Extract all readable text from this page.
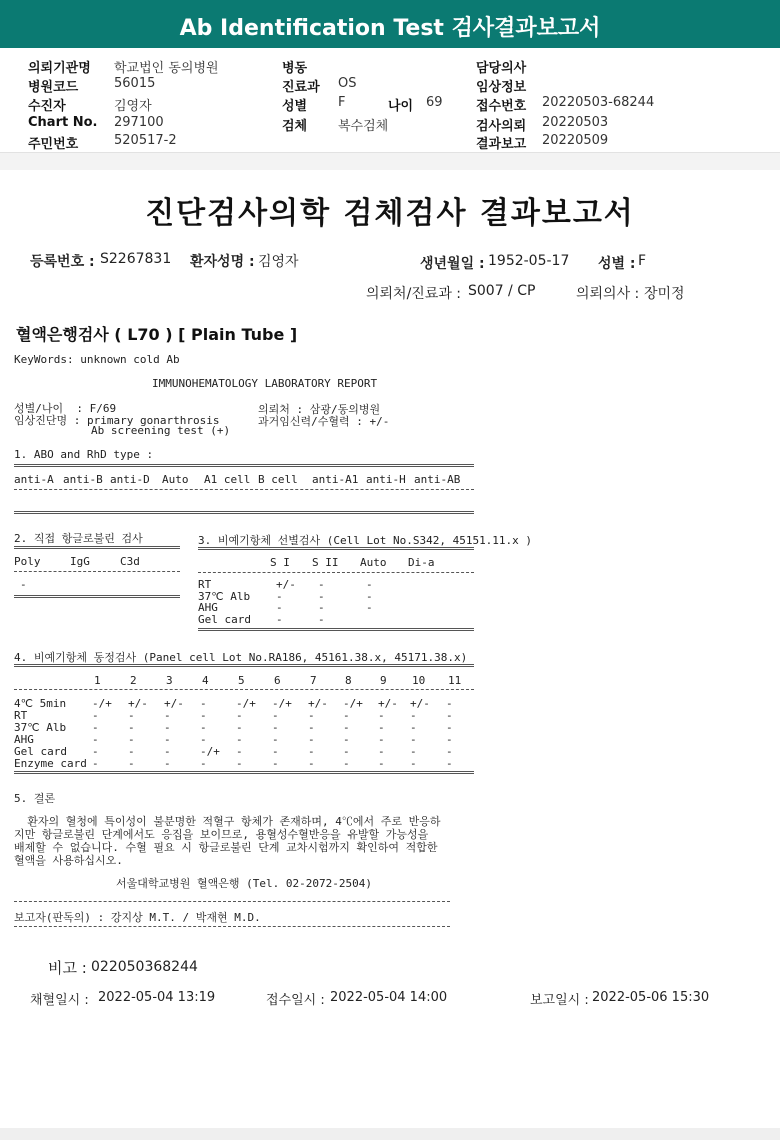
Ab Identification Test 검사결과보고서
의뢰기관명 학교법인 동의병원
병원코드	56015
수진자	김영자
Chart No. 297100
주민번호	520517-2
병동
진료과 OS
성별 F	나이 69
검체 복수검체
담당의사
임상정보
접수번호 20220503-68244
검사의뢰 20220503
결과보고 20220509
진단검사의학 검체검사 결과보고서
등록번호 : S2267831 환자성명 : 김영자	생년월일 : 1952-05-17 성별 : F
의뢰처/진료과 : S007 / CP	의뢰의사 : 장미정
혈액은행검사 ( L70 ) [ Plain Tube ]
KeyWords: unknown cold Ab
IMMUNOHEMATOLOGY LABORATORY REPORT
성별/나이  : F/69
임상진단명 : primary gonarthrosis
Ab screening test (+)
의뢰처 : 삼광/동의병원
과거임신력/수혈력 : +/-
1. ABO and RhD type :
anti-A anti-B anti-D Auto A1 cell B cell anti-A1 anti-H anti-AB
2. 직접 항글로불린 검사
Poly	IgG	C3d
-
3. 비예기항체 선별검사 (Cell Lot No.S342, 45151.11.x )
S I S II Auto Di-a
RT	+/- -	-
37℃ Alb -	-	-
AHG	-	-	-
Gel card -	-
4. 비예기항체 동정검사 (Panel cell Lot No.RA186, 45161.38.x, 45171.38.x)
1	2	3	4	5	6	7	8	9 10 11
4℃ 5min -/+ +/- +/- -	-/+ -/+ +/- -/+ +/- +/- -
RT	-	-	-	-	-	-	-	-	- -	-
37℃ Alb -	-	-	-	-	-	-	-	- -	-
AHG	-	-	-	-	-	-	-	-	- -	-
Gel card -	-	-	-/+ -	-	-	-	- -	-
Enzyme card -	-	-	-	-	-	-	-	- -	-
5. 결론
환자의 혈청에 특이성이 불분명한 적혈구 항체가 존재하며, 4℃에서 주로 반응하
지만 항글로불린 단계에서도 응집을 보이므로, 용혈성수혈반응을 유발할 가능성을
배제할 수 없습니다. 수혈 필요 시 항글로불린 단계 교차시험까지 확인하여 적합한
혈액을 사용하십시오.
서울대학교병원 혈액은행 (Tel. 02-2072-2504)
보고자(판독의) : 강지상 M.T. / 박재현 M.D.
비고 : 022050368244
채혈일시 : 2022-05-04 13:19	접수일시 : 2022-05-04 14:00	보고일시 : 2022-05-06 15:30
